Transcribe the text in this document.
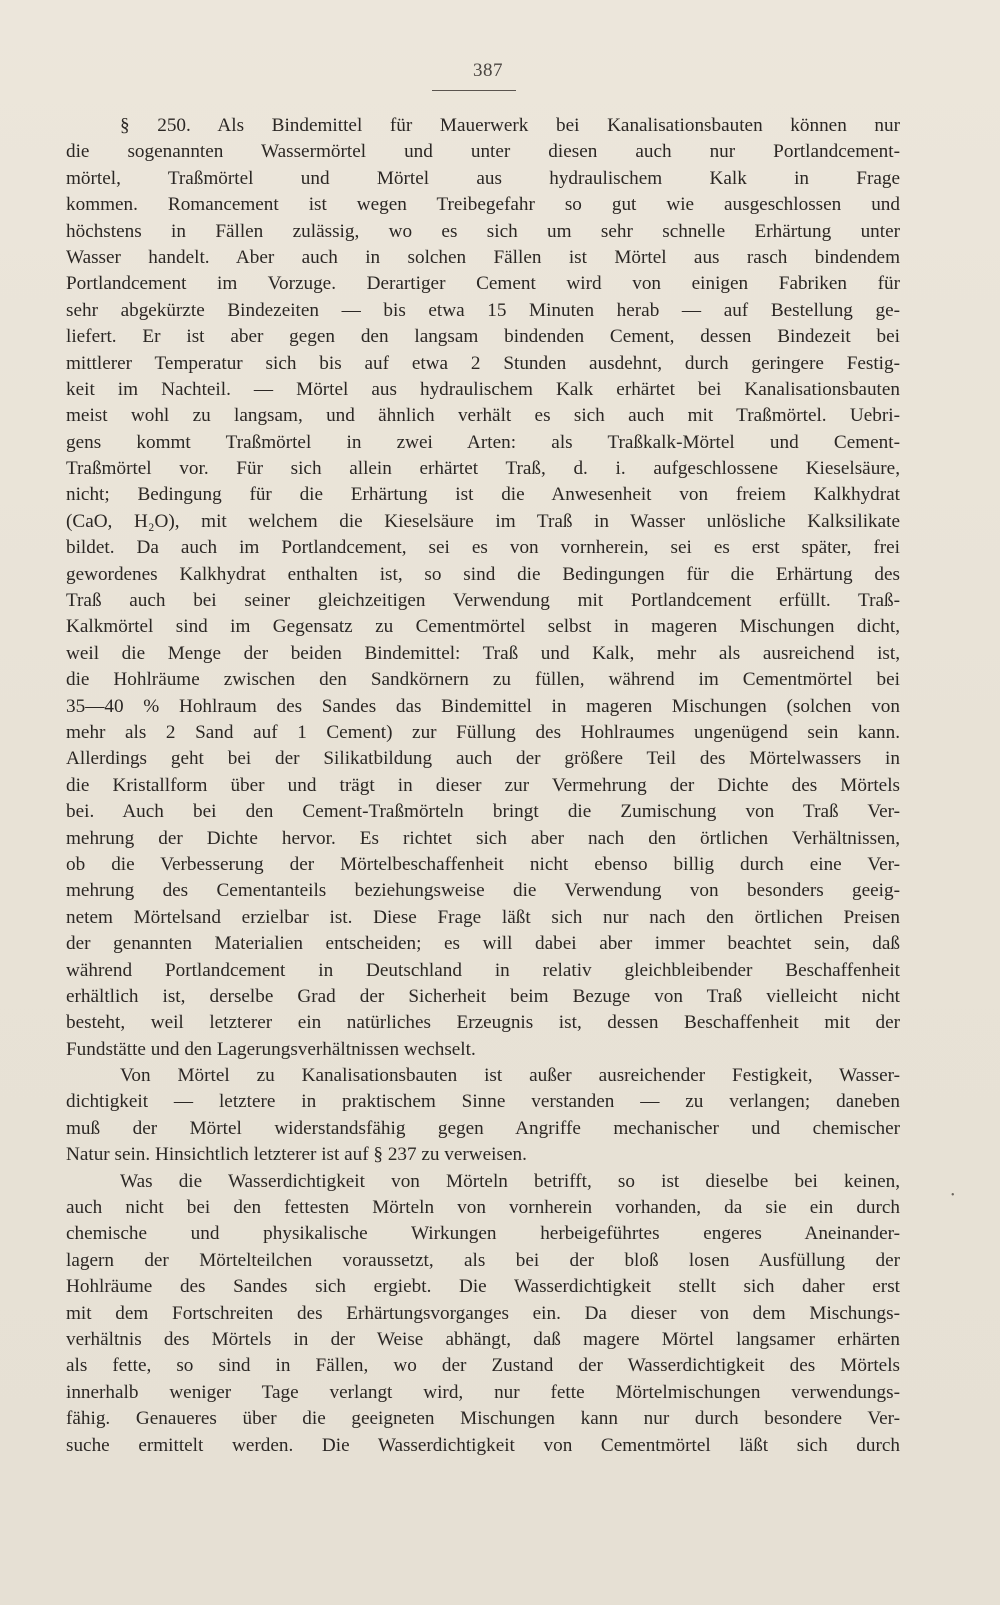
387
§ 250. Als Bindemittel für Mauerwerk bei Kanalisationsbauten können nur
die sogenannten Wassermörtel und unter diesen auch nur Portlandcement-
mörtel, Traßmörtel und Mörtel aus hydraulischem Kalk in Frage
kommen. Romancement ist wegen Treibegefahr so gut wie ausgeschlossen und
höchstens in Fällen zulässig, wo es sich um sehr schnelle Erhärtung unter
Wasser handelt. Aber auch in solchen Fällen ist Mörtel aus rasch bindendem
Portlandcement im Vorzuge. Derartiger Cement wird von einigen Fabriken für
sehr abgekürzte Bindezeiten — bis etwa 15 Minuten herab — auf Bestellung ge-
liefert. Er ist aber gegen den langsam bindenden Cement, dessen Bindezeit bei
mittlerer Temperatur sich bis auf etwa 2 Stunden ausdehnt, durch geringere Festig-
keit im Nachteil. — Mörtel aus hydraulischem Kalk erhärtet bei Kanalisationsbauten
meist wohl zu langsam, und ähnlich verhält es sich auch mit Traßmörtel. Uebri-
gens kommt Traßmörtel in zwei Arten: als Traßkalk-Mörtel und Cement-
Traßmörtel vor. Für sich allein erhärtet Traß, d. i. aufgeschlossene Kieselsäure,
nicht; Bedingung für die Erhärtung ist die Anwesenheit von freiem Kalkhydrat
(CaO, H₂O), mit welchem die Kieselsäure im Traß in Wasser unlösliche Kalksilikate
bildet. Da auch im Portlandcement, sei es von vornherein, sei es erst später, frei
gewordenes Kalkhydrat enthalten ist, so sind die Bedingungen für die Erhärtung des
Traß auch bei seiner gleichzeitigen Verwendung mit Portlandcement erfüllt. Traß-
Kalkmörtel sind im Gegensatz zu Cementmörtel selbst in mageren Mischungen dicht,
weil die Menge der beiden Bindemittel: Traß und Kalk, mehr als ausreichend ist,
die Hohlräume zwischen den Sandkörnern zu füllen, während im Cementmörtel bei
35—40 % Hohlraum des Sandes das Bindemittel in mageren Mischungen (solchen von
mehr als 2 Sand auf 1 Cement) zur Füllung des Hohlraumes ungenügend sein kann.
Allerdings geht bei der Silikatbildung auch der größere Teil des Mörtelwassers in
die Kristallform über und trägt in dieser zur Vermehrung der Dichte des Mörtels
bei. Auch bei den Cement-Traßmörteln bringt die Zumischung von Traß Ver-
mehrung der Dichte hervor. Es richtet sich aber nach den örtlichen Verhältnissen,
ob die Verbesserung der Mörtelbeschaffenheit nicht ebenso billig durch eine Ver-
mehrung des Cementanteils beziehungsweise die Verwendung von besonders geeig-
netem Mörtelsand erzielbar ist. Diese Frage läßt sich nur nach den örtlichen Preisen
der genannten Materialien entscheiden; es will dabei aber immer beachtet sein, daß
während Portlandcement in Deutschland in relativ gleichbleibender Beschaffenheit
erhältlich ist, derselbe Grad der Sicherheit beim Bezuge von Traß vielleicht nicht
besteht, weil letzterer ein natürliches Erzeugnis ist, dessen Beschaffenheit mit der
Fundstätte und den Lagerungsverhältnissen wechselt.
Von Mörtel zu Kanalisationsbauten ist außer ausreichender Festigkeit, Wasser-
dichtigkeit — letztere in praktischem Sinne verstanden — zu verlangen; daneben
muß der Mörtel widerstandsfähig gegen Angriffe mechanischer und chemischer
Natur sein. Hinsichtlich letzterer ist auf § 237 zu verweisen.
Was die Wasserdichtigkeit von Mörteln betrifft, so ist dieselbe bei keinen,
auch nicht bei den fettesten Mörteln von vornherein vorhanden, da sie ein durch
chemische und physikalische Wirkungen herbeigeführtes engeres Aneinander-
lagern der Mörtelteilchen voraussetzt, als bei der bloß losen Ausfüllung der
Hohlräume des Sandes sich ergiebt. Die Wasserdichtigkeit stellt sich daher erst
mit dem Fortschreiten des Erhärtungsvorganges ein. Da dieser von dem Mischungs-
verhältnis des Mörtels in der Weise abhängt, daß magere Mörtel langsamer erhärten
als fette, so sind in Fällen, wo der Zustand der Wasserdichtigkeit des Mörtels
innerhalb weniger Tage verlangt wird, nur fette Mörtelmischungen verwendungs-
fähig. Genaueres über die geeigneten Mischungen kann nur durch besondere Ver-
suche ermittelt werden. Die Wasserdichtigkeit von Cementmörtel läßt sich durch
•
